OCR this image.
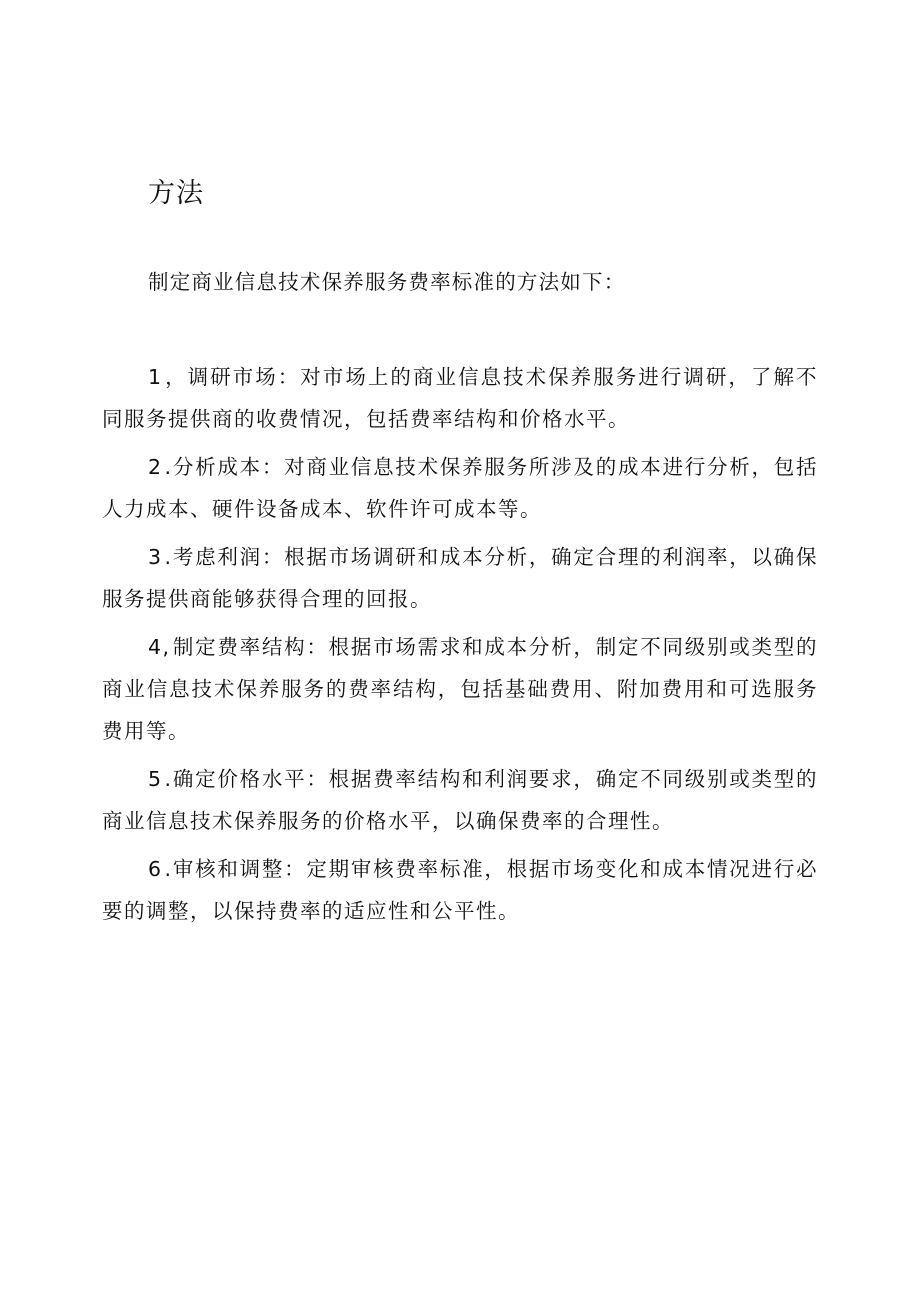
方法
制定商业信息技术保养服务费率标准的方法如下：

1，调研市场：对市场上的商业信息技术保养服务进行调研，了解不同服务提供商的收费情况，包括费率结构和价格水平。

2.分析成本：对商业信息技术保养服务所涉及的成本进行分析，包括人力成本、硬件设备成本、软件许可成本等。

3.考虑利润：根据市场调研和成本分析，确定合理的利润率，以确保服务提供商能够获得合理的回报。

4,制定费率结构：根据市场需求和成本分析，制定不同级别或类型的商业信息技术保养服务的费率结构，包括基础费用、附加费用和可选服务费用等。

5.确定价格水平：根据费率结构和利润要求，确定不同级别或类型的商业信息技术保养服务的价格水平，以确保费率的合理性。

6.审核和调整：定期审核费率标准，根据市场变化和成本情况进行必要的调整，以保持费率的适应性和公平性。
